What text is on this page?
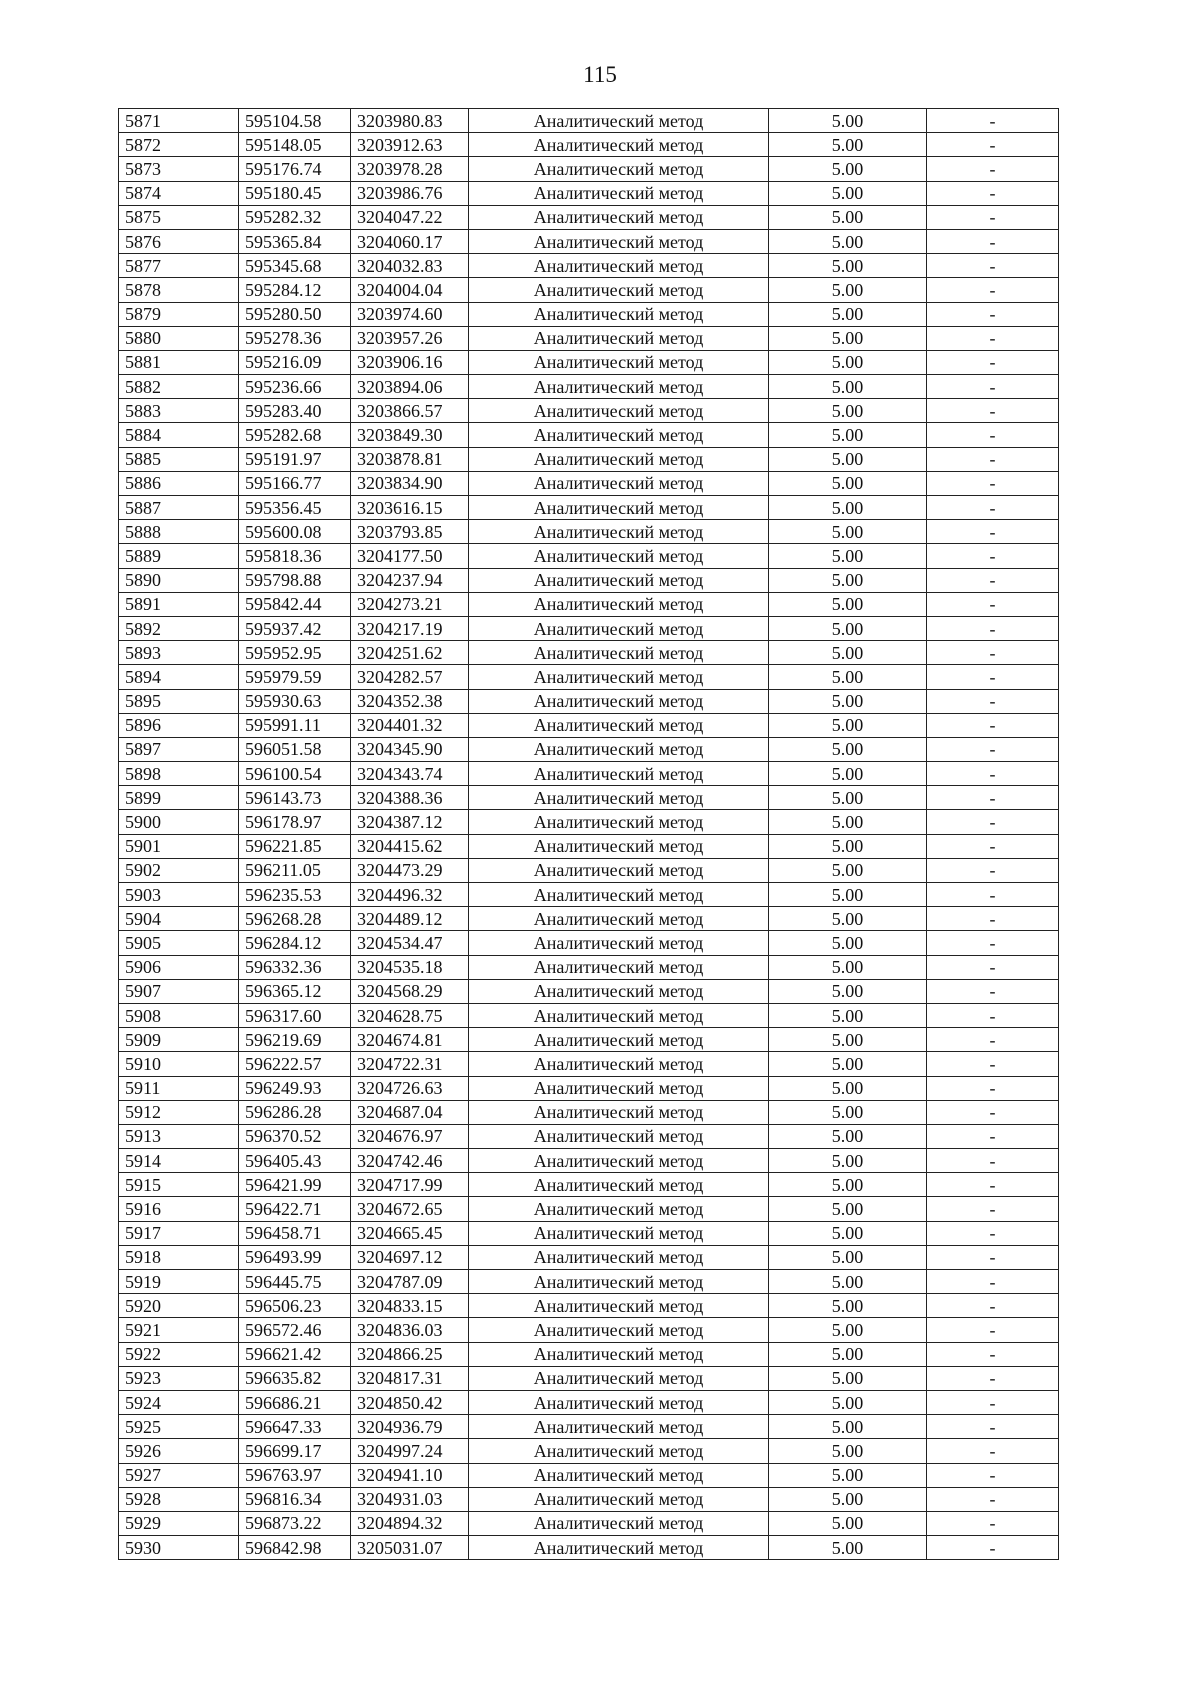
115
5871	595104.58	3203980.83	Аналитический метод	5.00	-
5872	595148.05	3203912.63	Аналитический метод	5.00	-
5873	595176.74	3203978.28	Аналитический метод	5.00	-
5874	595180.45	3203986.76	Аналитический метод	5.00	-
5875	595282.32	3204047.22	Аналитический метод	5.00	-
5876	595365.84	3204060.17	Аналитический метод	5.00	-
5877	595345.68	3204032.83	Аналитический метод	5.00	-
5878	595284.12	3204004.04	Аналитический метод	5.00	-
5879	595280.50	3203974.60	Аналитический метод	5.00	-
5880	595278.36	3203957.26	Аналитический метод	5.00	-
5881	595216.09	3203906.16	Аналитический метод	5.00	-
5882	595236.66	3203894.06	Аналитический метод	5.00	-
5883	595283.40	3203866.57	Аналитический метод	5.00	-
5884	595282.68	3203849.30	Аналитический метод	5.00	-
5885	595191.97	3203878.81	Аналитический метод	5.00	-
5886	595166.77	3203834.90	Аналитический метод	5.00	-
5887	595356.45	3203616.15	Аналитический метод	5.00	-
5888	595600.08	3203793.85	Аналитический метод	5.00	-
5889	595818.36	3204177.50	Аналитический метод	5.00	-
5890	595798.88	3204237.94	Аналитический метод	5.00	-
5891	595842.44	3204273.21	Аналитический метод	5.00	-
5892	595937.42	3204217.19	Аналитический метод	5.00	-
5893	595952.95	3204251.62	Аналитический метод	5.00	-
5894	595979.59	3204282.57	Аналитический метод	5.00	-
5895	595930.63	3204352.38	Аналитический метод	5.00	-
5896	595991.11	3204401.32	Аналитический метод	5.00	-
5897	596051.58	3204345.90	Аналитический метод	5.00	-
5898	596100.54	3204343.74	Аналитический метод	5.00	-
5899	596143.73	3204388.36	Аналитический метод	5.00	-
5900	596178.97	3204387.12	Аналитический метод	5.00	-
5901	596221.85	3204415.62	Аналитический метод	5.00	-
5902	596211.05	3204473.29	Аналитический метод	5.00	-
5903	596235.53	3204496.32	Аналитический метод	5.00	-
5904	596268.28	3204489.12	Аналитический метод	5.00	-
5905	596284.12	3204534.47	Аналитический метод	5.00	-
5906	596332.36	3204535.18	Аналитический метод	5.00	-
5907	596365.12	3204568.29	Аналитический метод	5.00	-
5908	596317.60	3204628.75	Аналитический метод	5.00	-
5909	596219.69	3204674.81	Аналитический метод	5.00	-
5910	596222.57	3204722.31	Аналитический метод	5.00	-
5911	596249.93	3204726.63	Аналитический метод	5.00	-
5912	596286.28	3204687.04	Аналитический метод	5.00	-
5913	596370.52	3204676.97	Аналитический метод	5.00	-
5914	596405.43	3204742.46	Аналитический метод	5.00	-
5915	596421.99	3204717.99	Аналитический метод	5.00	-
5916	596422.71	3204672.65	Аналитический метод	5.00	-
5917	596458.71	3204665.45	Аналитический метод	5.00	-
5918	596493.99	3204697.12	Аналитический метод	5.00	-
5919	596445.75	3204787.09	Аналитический метод	5.00	-
5920	596506.23	3204833.15	Аналитический метод	5.00	-
5921	596572.46	3204836.03	Аналитический метод	5.00	-
5922	596621.42	3204866.25	Аналитический метод	5.00	-
5923	596635.82	3204817.31	Аналитический метод	5.00	-
5924	596686.21	3204850.42	Аналитический метод	5.00	-
5925	596647.33	3204936.79	Аналитический метод	5.00	-
5926	596699.17	3204997.24	Аналитический метод	5.00	-
5927	596763.97	3204941.10	Аналитический метод	5.00	-
5928	596816.34	3204931.03	Аналитический метод	5.00	-
5929	596873.22	3204894.32	Аналитический метод	5.00	-
5930	596842.98	3205031.07	Аналитический метод	5.00	-
